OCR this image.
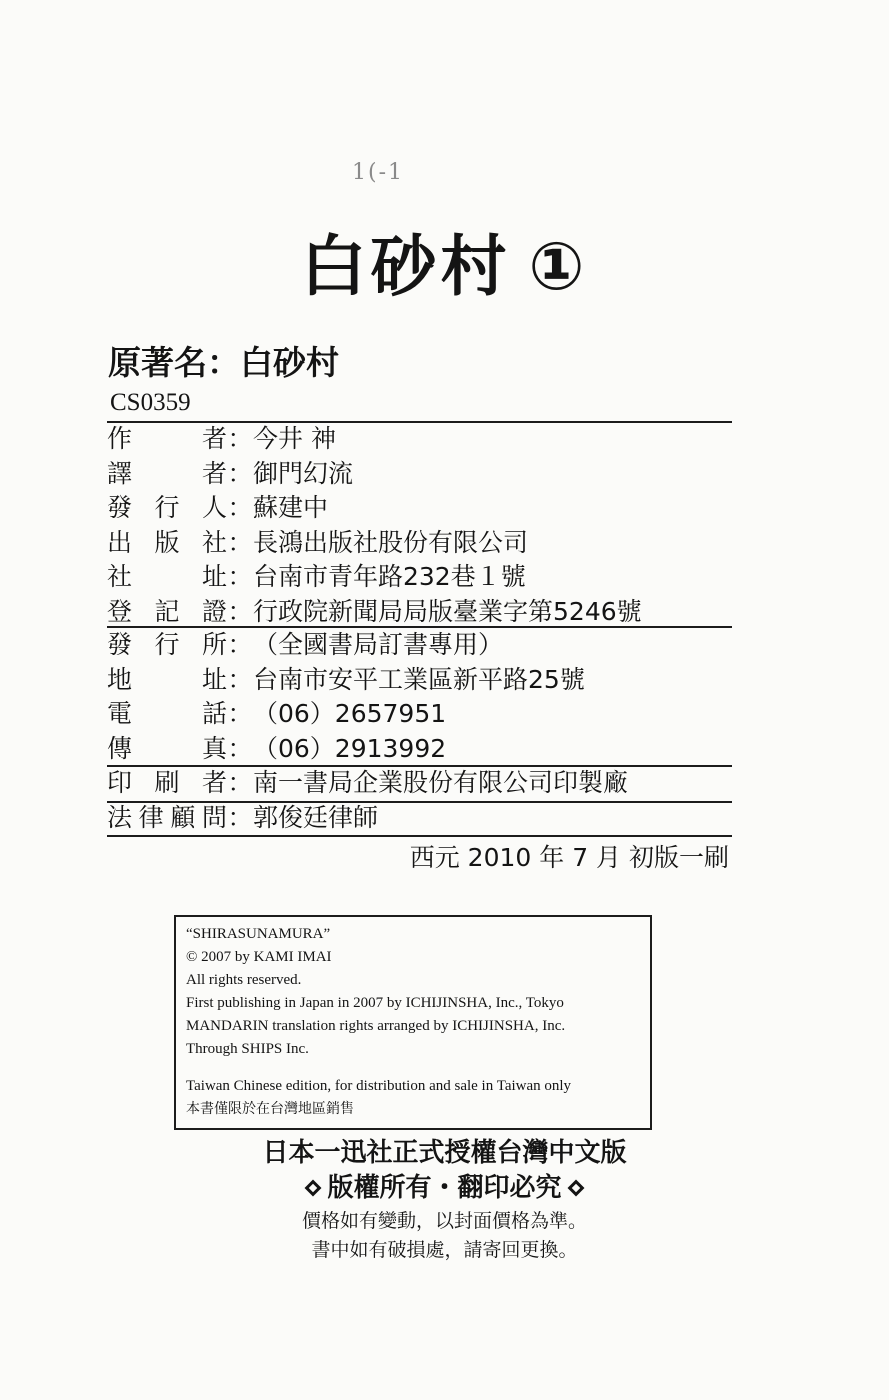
1(-1
白砂村 ①
原著名：白砂村
CS0359
作 者：今井 神
譯 者：御門幻流
發行人：蘇建中
出版社：長鴻出版社股份有限公司
社 址：台南市青年路232巷１號
登記證：行政院新聞局局版臺業字第5246號
發行所：（全國書局訂書專用）
地 址：台南市安平工業區新平路25號
電 話：（06）2657951
傳 真：（06）2913992
印刷者：南一書局企業股份有限公司印製廠
法律顧問：郭俊廷律師
西元 2010 年 7 月 初版一刷
“SHIRASUNAMURA”
© 2007 by KAMI IMAI
All rights reserved.
First publishing in Japan in 2007 by ICHIJINSHA, Inc., Tokyo
MANDARIN translation rights arranged by ICHIJINSHA, Inc.
Through SHIPS Inc.
Taiwan Chinese edition, for distribution and sale in Taiwan only
本書僅限於在台灣地區銷售
日本一迅社正式授權台灣中文版
版權所有・翻印必究
價格如有變動，以封面價格為準。
書中如有破損處，請寄回更換。
